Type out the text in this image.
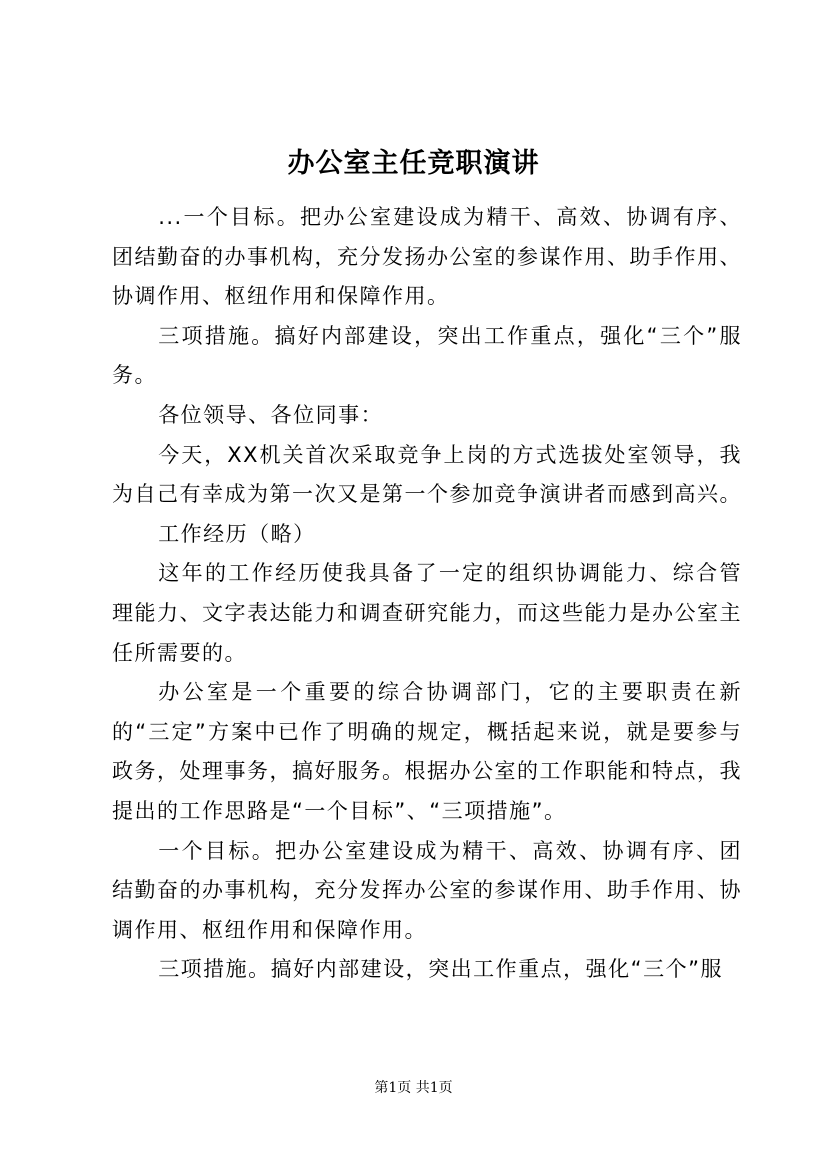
办公室主任竞职演讲

...一个目标。把办公室建设成为精干、高效、协调有序、团结勤奋的办事机构，充分发扬办公室的参谋作用、助手作用、协调作用、枢纽作用和保障作用。

三项措施。搞好内部建设，突出工作重点，强化“三个”服务。

各位领导、各位同事：

今天，XX机关首次采取竞争上岗的方式选拔处室领导，我为自己有幸成为第一次又是第一个参加竞争演讲者而感到高兴。

工作经历（略）

这年的工作经历使我具备了一定的组织协调能力、综合管理能力、文字表达能力和调查研究能力，而这些能力是办公室主任所需要的。

办公室是一个重要的综合协调部门，它的主要职责在新的“三定”方案中已作了明确的规定，概括起来说，就是要参与政务，处理事务，搞好服务。根据办公室的工作职能和特点，我提出的工作思路是“一个目标”、“三项措施”。

一个目标。把办公室建设成为精干、高效、协调有序、团结勤奋的办事机构，充分发挥办公室的参谋作用、助手作用、协调作用、枢纽作用和保障作用。

三项措施。搞好内部建设，突出工作重点，强化“三个”服

第1页 共1页
